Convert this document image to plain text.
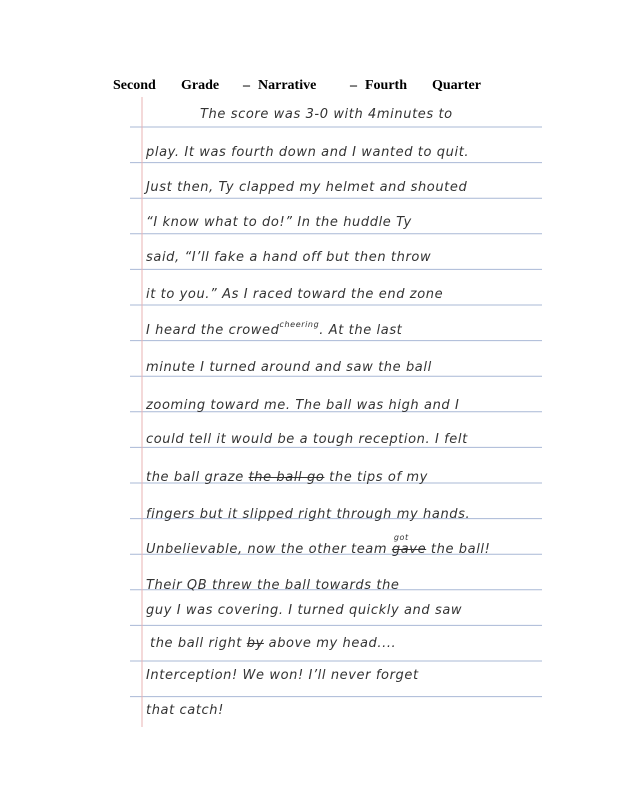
Second Grade – Narrative – Fourth Quarter
The score was 3-0 with 4minutes to
play. It was fourth down and I wanted to quit.
Just then, Ty clapped my helmet and shouted
“I know what to do!” In the huddle Ty
said, “I’ll fake a hand off but then throw
it to you.” As I raced toward the end zone
I heard the crowed$^{cheering}$. At the last
minute I turned around and saw the ball
zooming toward me. The ball was high and I
could tell it would be a tough reception. I felt
the ball graze the ball go the tips of my
fingers but it slipped right through my hands.
Unbelievable, now the other team gave
got
the ball!
Their QB threw the ball towards the
guy I was covering. I turned quickly and saw
the ball right by above my head....
Interception! We won! I’ll never forget
that catch!
